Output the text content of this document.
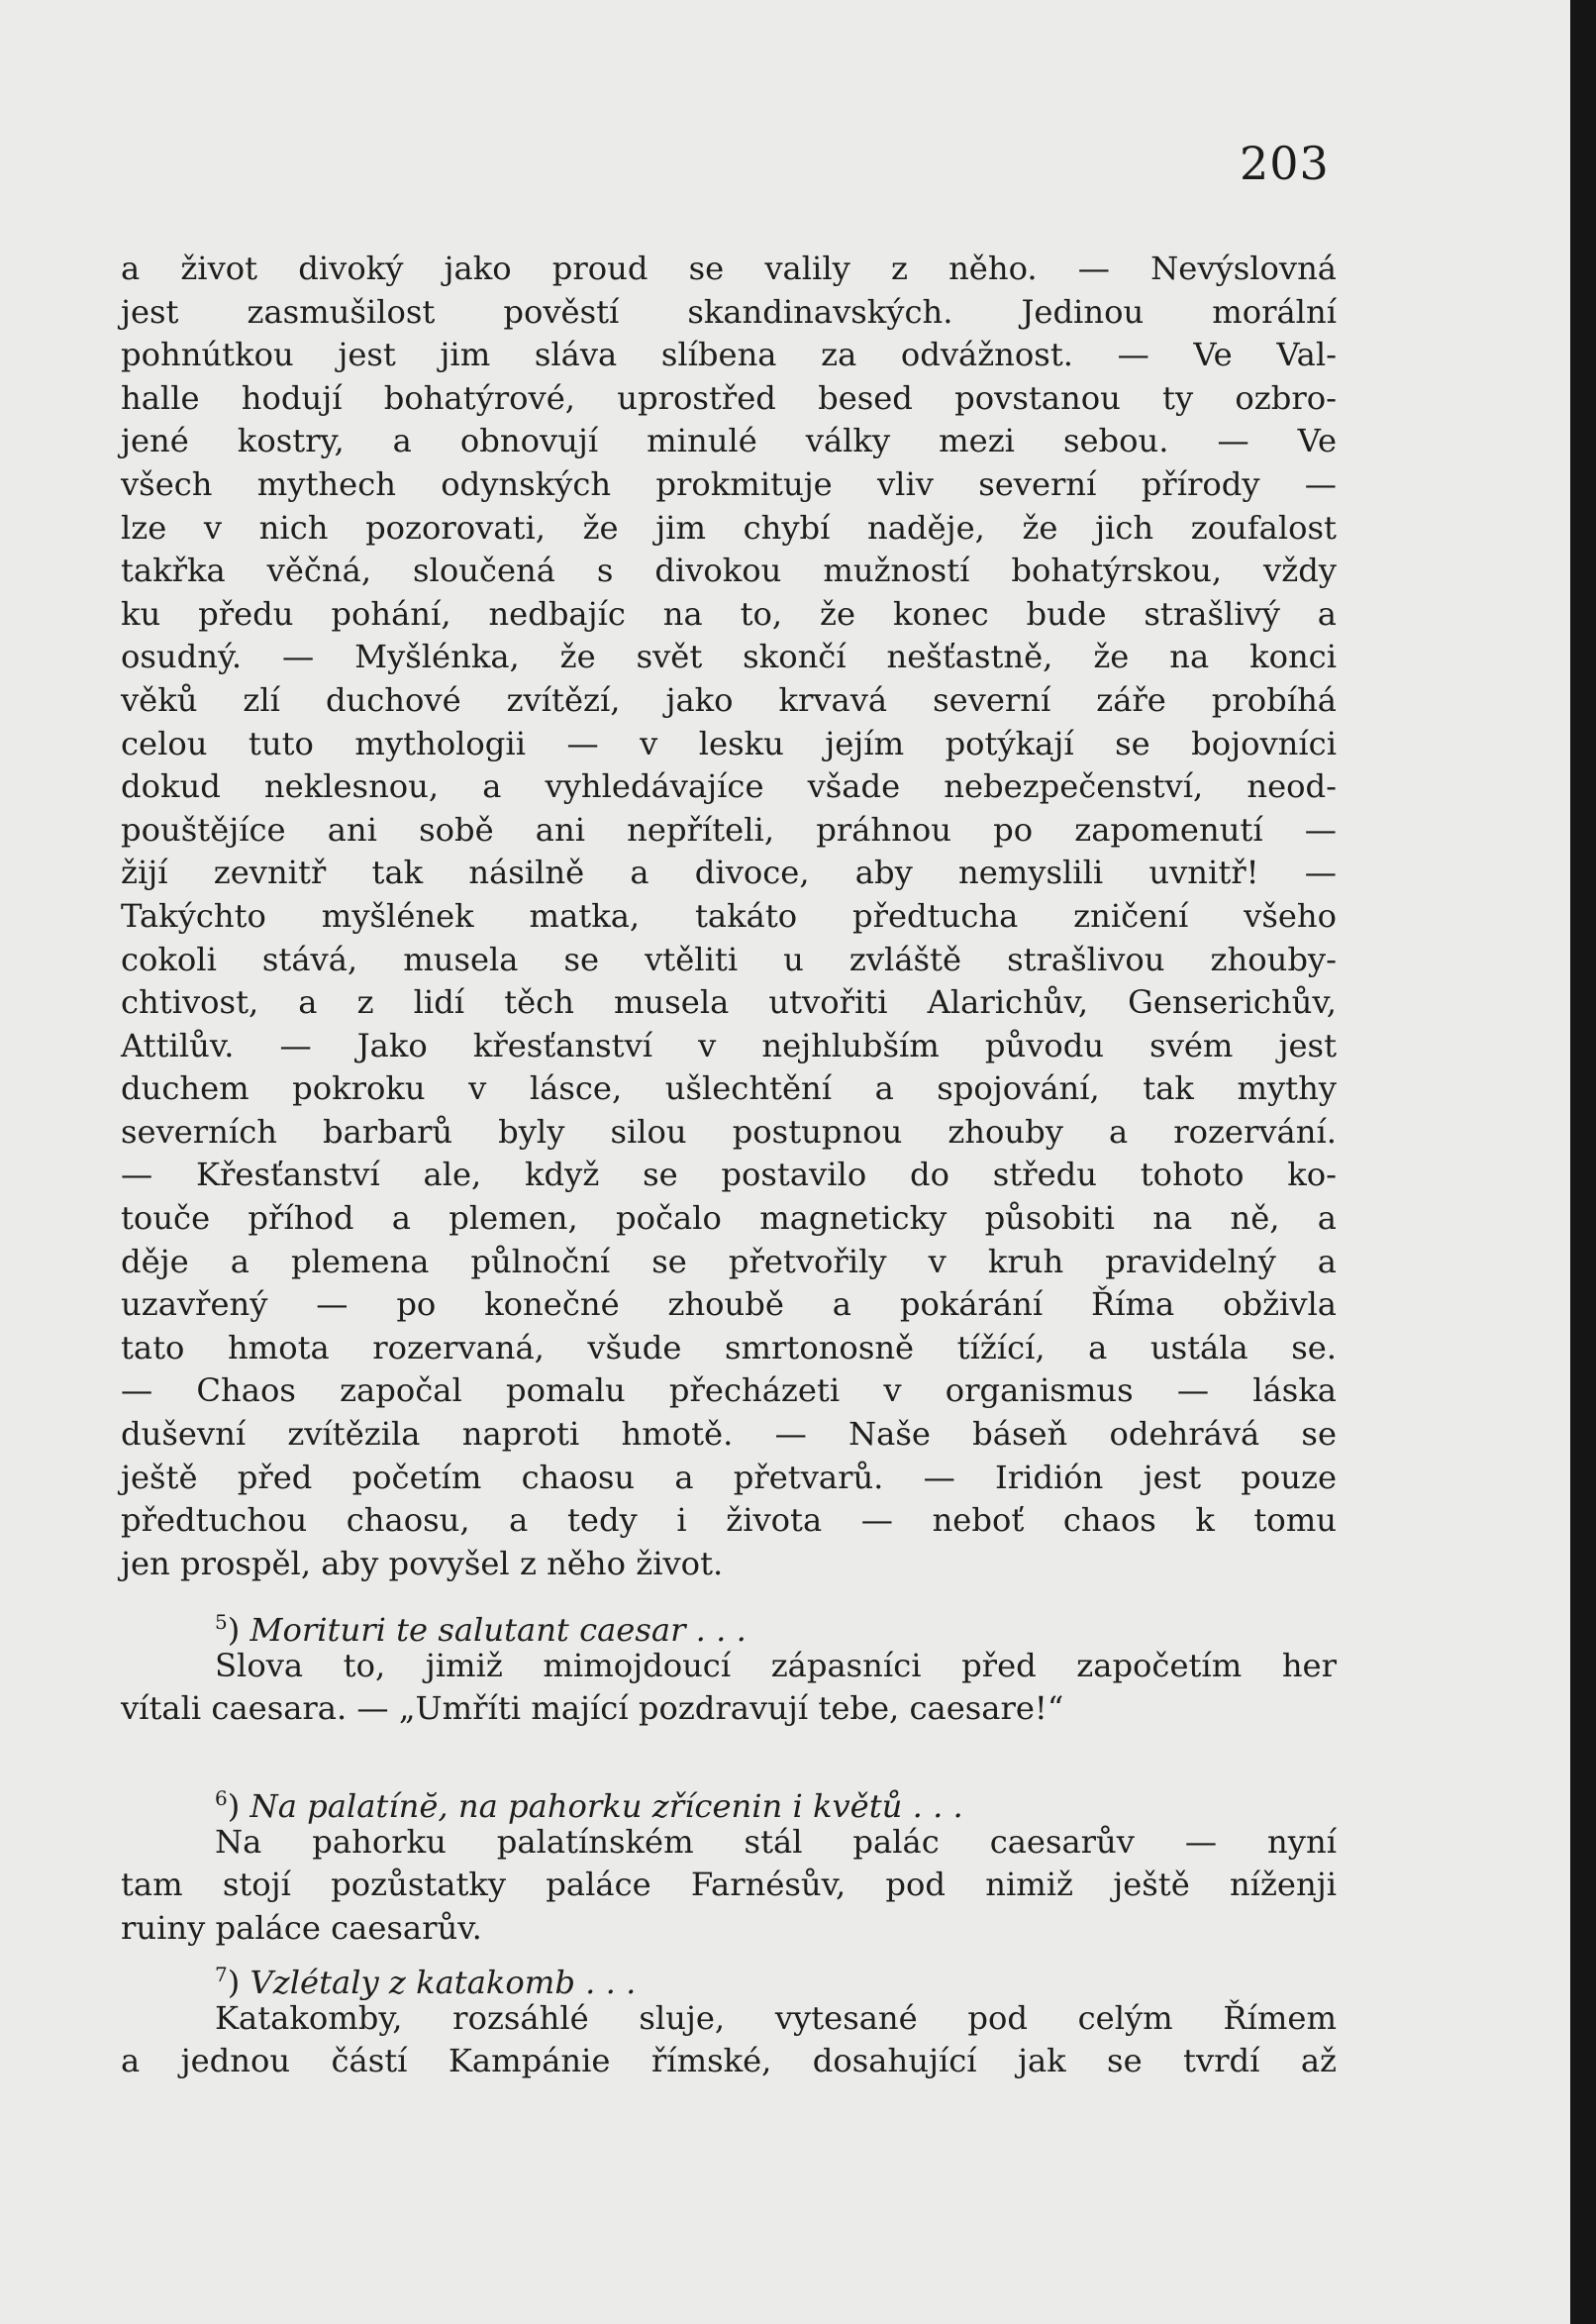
203
a život divoký jako proud se valily z něho. — Nevýslovná
jest zasmušilost pověstí skandinavských. Jedinou morální
pohnútkou jest jim sláva slíbena za odvážnost. — Ve Val-
halle hodují bohatýrové, uprostřed besed povstanou ty ozbro-
jené kostry, a obnovují minulé války mezi sebou. — Ve
všech mythech odynských prokmituje vliv severní přírody —
lze v nich pozorovati, že jim chybí naděje, že jich zoufalost
takřka věčná, sloučená s divokou mužností bohatýrskou, vždy
ku předu pohání, nedbajíc na to, že konec bude strašlivý a
osudný. — Myšlénka, že svět skončí nešťastně, že na konci
věků zlí duchové zvítězí, jako krvavá severní záře probíhá
celou tuto mythologii — v lesku jejím potýkají se bojovníci
dokud neklesnou, a vyhledávajíce všade nebezpečenství, neod-
pouštějíce ani sobě ani nepříteli, práhnou po zapomenutí —
žijí zevnitř tak násilně a divoce, aby nemyslili uvnitř! —
Takýchto myšlének matka, takáto předtucha zničení všeho
cokoli stává, musela se vtěliti u zvláště strašlivou zhouby-
chtivost, a z lidí těch musela utvořiti Alarichův, Genserichův,
Attilův. — Jako křesťanství v nejhlubším původu svém jest
duchem pokroku v lásce, ušlechtění a spojování, tak mythy
severních barbarů byly silou postupnou zhouby a rozervání.
— Křesťanství ale, když se postavilo do středu tohoto ko-
touče příhod a plemen, počalo magneticky působiti na ně, a
děje a plemena půlnoční se přetvořily v kruh pravidelný a
uzavřený — po konečné zhoubě a pokárání Říma obživla
tato hmota rozervaná, všude smrtonosně tížící, a ustála se.
— Chaos započal pomalu přecházeti v organismus — láska
duševní zvítězila naproti hmotě. — Naše báseň odehrává se
ještě před početím chaosu a přetvarů. — Iridión jest pouze
předtuchou chaosu, a tedy i života — neboť chaos k tomu
jen prospěl, aby povyšel z něho život.
$^5$) Morituri te salutant caesar . . .
Slova to, jimiž mimojdoucí zápasníci před započetím her
vítali caesara. — „Umříti mající pozdravují tebe, caesare!“
$^6$) Na palatínĕ, na pahorku zřícenin i květů . . .
Na pahorku palatínském stál palác caesarův — nyní
tam stojí pozůstatky paláce Farnésův, pod nimiž ještě níženji
ruiny paláce caesarův.
$^7$) Vzlétaly z katakomb . . .
Katakomby, rozsáhlé sluje, vytesané pod celým Římem
a jednou částí Kampánie římské, dosahující jak se tvrdí až
